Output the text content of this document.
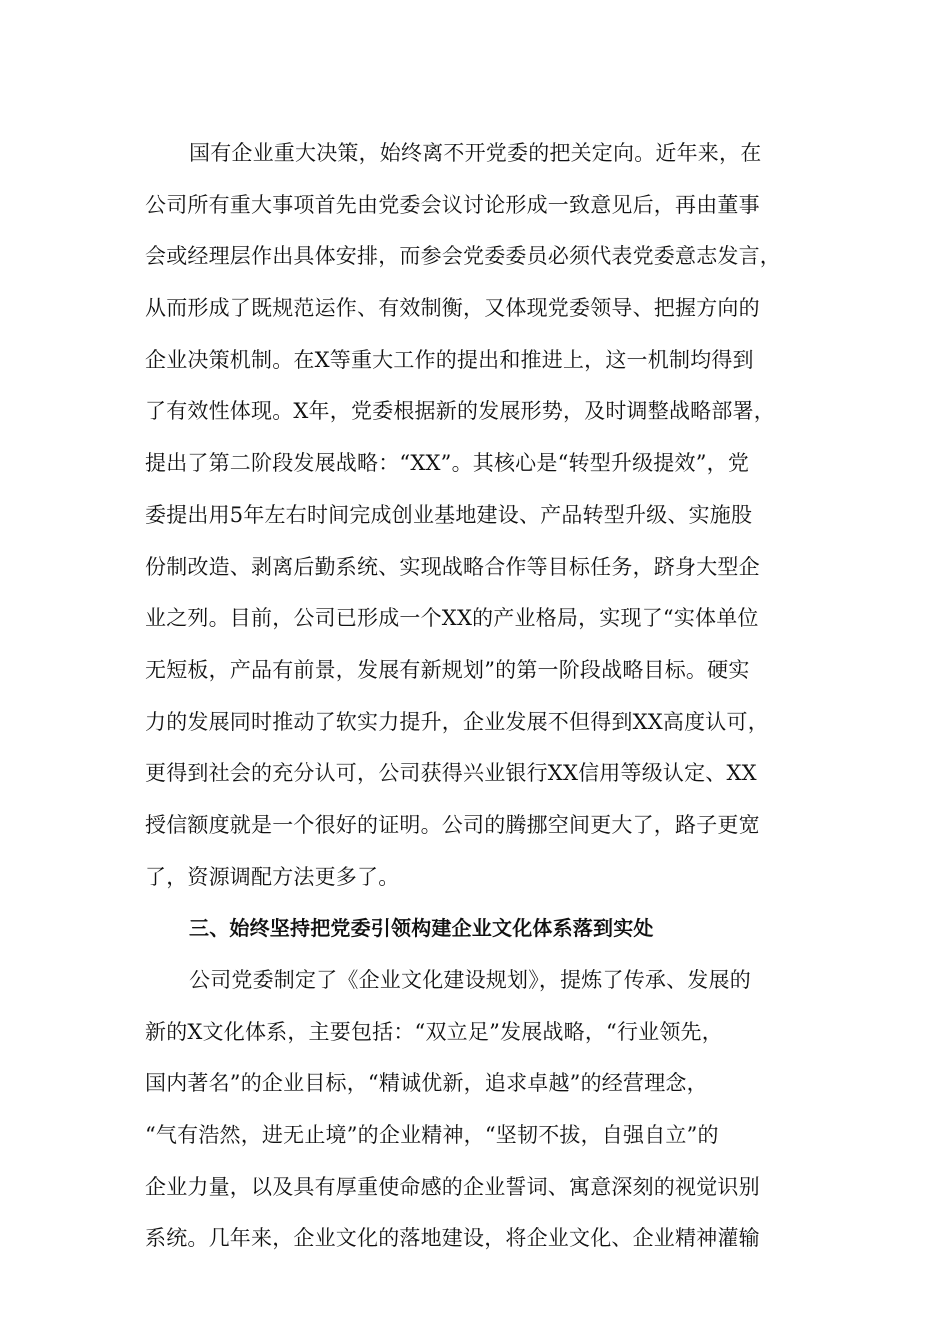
国有企业重大决策，始终离不开党委的把关定向。近年来，在
公司所有重大事项首先由党委会议讨论形成一致意见后，再由董事
会或经理层作出具体安排，而参会党委委员必须代表党委意志发言，
从而形成了既规范运作、有效制衡，又体现党委领导、把握方向的
企业决策机制。在X等重大工作的提出和推进上，这一机制均得到
了有效性体现。X年，党委根据新的发展形势，及时调整战略部署，
提出了第二阶段发展战略：“XX”。其核心是“转型升级提效”，党
委提出用5年左右时间完成创业基地建设、产品转型升级、实施股
份制改造、剥离后勤系统、实现战略合作等目标任务，跻身大型企
业之列。目前，公司已形成一个XX的产业格局，实现了“实体单位
无短板，产品有前景，发展有新规划”的第一阶段战略目标。硬实
力的发展同时推动了软实力提升，企业发展不但得到XX高度认可，
更得到社会的充分认可，公司获得兴业银行XX信用等级认定、XX
授信额度就是一个很好的证明。公司的腾挪空间更大了，路子更宽
了，资源调配方法更多了。
三、始终坚持把党委引领构建企业文化体系落到实处
公司党委制定了《企业文化建设规划》，提炼了传承、发展的
新的X文化体系，主要包括：“双立足”发展战略，“行业领先，
国内著名”的企业目标，“精诚优新，追求卓越”的经营理念，
“气有浩然，进无止境”的企业精神，“坚韧不拔，自强自立”的
企业力量，以及具有厚重使命感的企业誓词、寓意深刻的视觉识别
系统。几年来，企业文化的落地建设，将企业文化、企业精神灌输
